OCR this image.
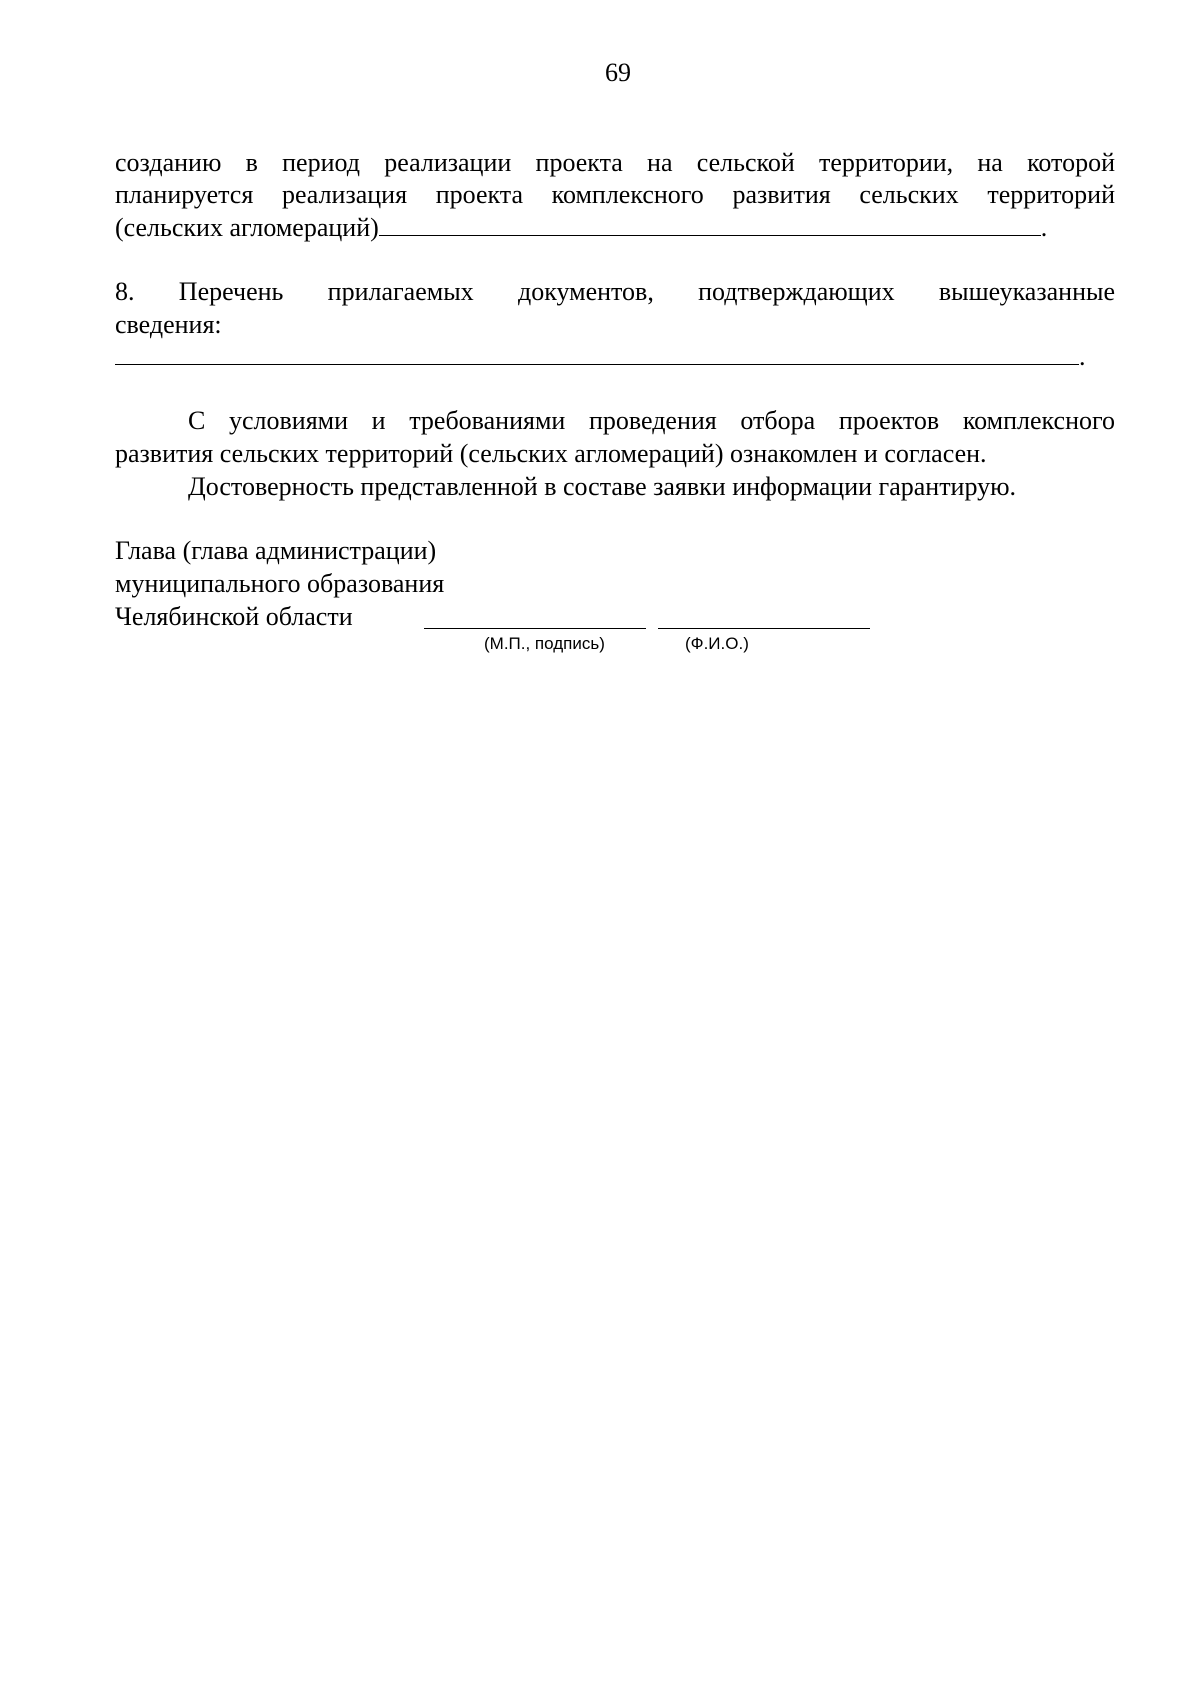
69
созданию в период реализации проекта на сельской территории, на которой
планируется реализация проекта комплексного развития сельских территорий
(сельских агломераций)	.
8. Перечень прилагаемых документов, подтверждающих вышеуказанные
сведения:
.
С условиями и требованиями проведения отбора проектов комплексного
развития сельских территорий (сельских агломераций) ознакомлен и согласен.
Достоверность представленной в составе заявки информации гарантирую.
Глава (глава администрации)
муниципального образования
Челябинской области
(М.П., подпись)	(Ф.И.О.)
